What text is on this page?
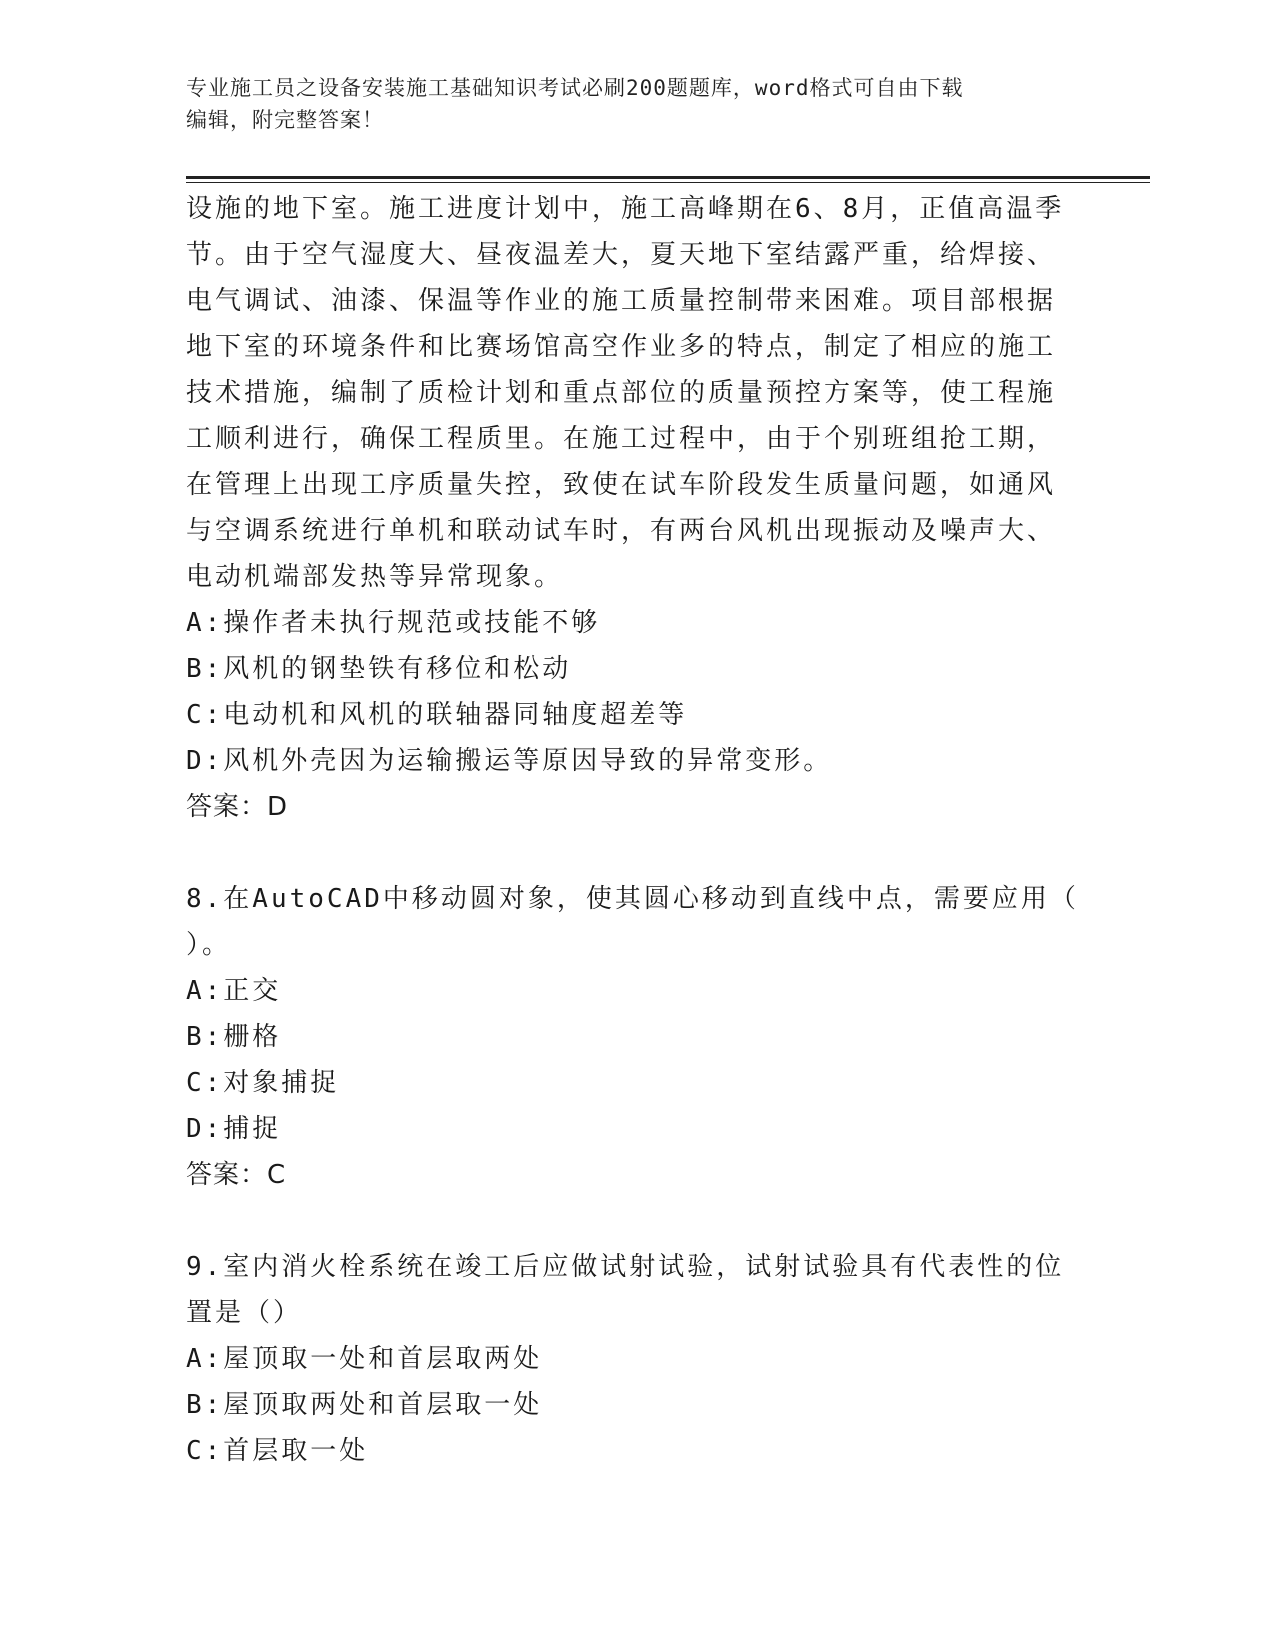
专业施工员之设备安装施工基础知识考试必刷200题题库，word格式可自由下载
编辑，附完整答案！

设施的地下室。施工进度计划中，施工高峰期在6、8月，正值高温季

节。由于空气湿度大、昼夜温差大，夏天地下室结露严重，给焊接、

电气调试、油漆、保温等作业的施工质量控制带来困难。项目部根据

地下室的环境条件和比赛场馆高空作业多的特点，制定了相应的施工

技术措施，编制了质检计划和重点部位的质量预控方案等，使工程施

工顺利进行，确保工程质里。在施工过程中，由于个别班组抢工期，

在管理上出现工序质量失控，致使在试车阶段发生质量问题，如通风

与空调系统进行单机和联动试车时，有两台风机出现振动及噪声大、

电动机端部发热等异常现象。

A:操作者未执行规范或技能不够

B:风机的钢垫铁有移位和松动

C:电动机和风机的联轴器同轴度超差等

D:风机外壳因为运输搬运等原因导致的异常变形。

答案：D

8.在AutoCAD中移动圆对象，使其圆心移动到直线中点，需要应用（

）。

A:正交

B:栅格

C:对象捕捉

D:捕捉

答案：C

9.室内消火栓系统在竣工后应做试射试验，试射试验具有代表性的位

置是（）

A:屋顶取一处和首层取两处

B:屋顶取两处和首层取一处

C:首层取一处
